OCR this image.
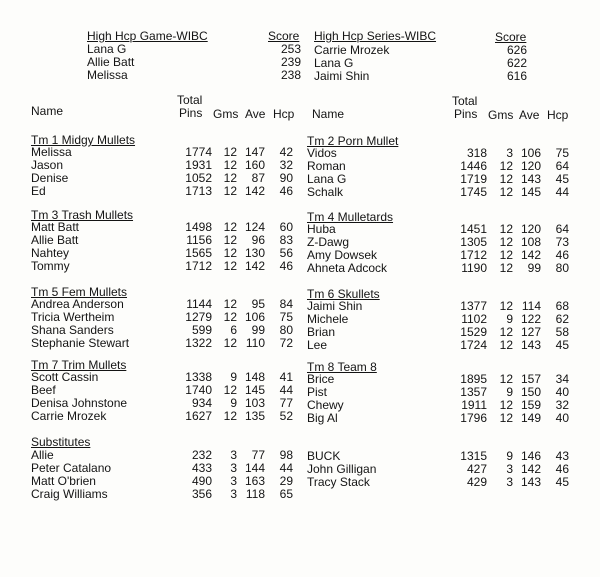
High Hcp Game-WIBC	Score
Lana G	253
Allie Batt	239
Melissa	238
High Hcp Series-WIBC	Score
Carrie Mrozek	626
Lana G	622
Jaimi Shin	616
Name
Total
Pins Gms Ave Hcp Name
Total
Pins Gms Ave Hcp
Tm 1 Midgy Mullets
Melissa	1774 12 147	42
Jason	1931 12 160	32
Denise	1052 12	87	90
Ed	1713 12 142	46
Tm 2 Porn Mullet
Vidos	318	3 106	75
Roman	1446	12 120	64
Lana G	1719	12 143	45
Schalk	1745	12 145	44
Tm 3 Trash Mullets
Matt Batt	1498 12 124	60
Allie Batt	1156 12	96	83
Nahtey	1565 12 130	56
Tommy	1712 12 142	46
Tm 4 Mulletards
Huba	1451	12 120	64
Z-Dawg	1305	12 108	73
Amy Dowsek	1712	12 142	46
Ahneta Adcock	1190	12	99	80
Tm 5 Fem Mullets
Andrea Anderson	1144 12	95	84
Tricia Wertheim	1279 12 106	75
Shana Sanders	599	6	99	80
Stephanie Stewart	1322 12 110	72
Tm 6 Skullets
Jaimi Shin	1377	12 114	68
Michele	1102	9 122	62
Brian	1529	12 127	58
Lee	1724	12 143	45
Tm 7 Trim Mullets
Scott Cassin	1338	9 148	41
Beef	1740 12 145	44
Denisa Johnstone	934	9 103	77
Carrie Mrozek	1627 12 135	52
Tm 8 Team 8
Brice	1895	12 157	34
Pist	1357	9 150	40
Chewy	1911	12 159	32
Big Al	1796	12 149	40
Substitutes
Allie	232	3	77	98
Peter Catalano	433	3 144	44
Matt O'brien	490	3 163	29
Craig Williams	356	3 118	65
BUCK	1315	9 146	43
John Gilligan	427	3 142	46
Tracy Stack	429	3 143	45
